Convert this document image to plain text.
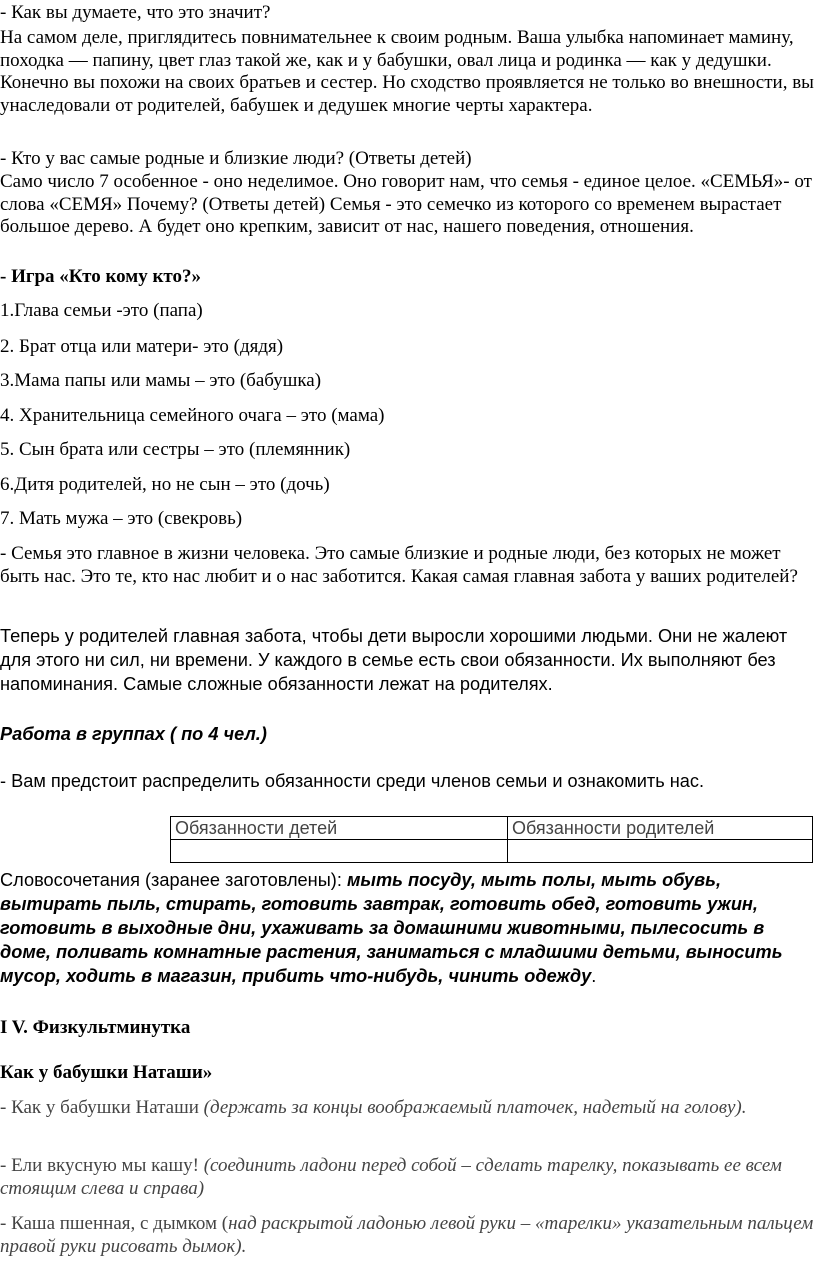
- Как вы думаете, что это значит?
На самом деле, приглядитесь повнимательнее к своим родным. Ваша улыбка напоминает мамину, походка — папину, цвет глаз такой же, как и у бабушки, овал лица и родинка — как у дедушки. Конечно вы похожи на своих братьев и сестер. Но сходство проявляется не только во внешности, вы унаследовали от родителей, бабушек и дедушек многие черты характера.
- Кто у вас самые родные и близкие люди? (Ответы детей)
Само число 7 особенное - оно неделимое. Оно говорит нам, что семья - единое целое. «СЕМЬЯ»- от слова «СЕМЯ» Почему? (Ответы детей) Семья - это семечко из которого со временем вырастает большое дерево. А будет оно крепким, зависит от нас, нашего поведения, отношения.
- Игра «Кто кому кто?»
1.Глава семьи -это (папа)
2. Брат отца или матери- это (дядя)
3.Мама папы или мамы – это (бабушка)
4. Хранительница семейного очага – это (мама)
5. Сын брата или сестры – это (племянник)
6.Дитя родителей, но не сын – это (дочь)
7. Мать мужа – это (свекровь)
- Семья это главное в жизни человека. Это самые близкие и родные люди, без которых не может быть нас. Это те, кто нас любит и о нас заботится. Какая самая главная забота у ваших родителей?
Теперь у родителей главная забота, чтобы дети выросли хорошими людьми. Они не жалеют для этого ни сил, ни времени. У каждого в семье есть свои обязанности. Их выполняют без напоминания. Самые сложные обязанности лежат на родителях.
Работа в группах ( по 4 чел.)
- Вам предстоит распределить обязанности среди членов семьи и ознакомить нас.
Обязанности детей	Обязанности родителей

Словосочетания (заранее заготовлены): мыть посуду, мыть полы, мыть обувь, вытирать пыль, стирать, готовить завтрак, готовить обед, готовить ужин, готовить в выходные дни, ухаживать за домашними животными, пылесосить в доме, поливать комнатные растения, заниматься с младшими детьми, выносить мусор, ходить в магазин, прибить что-нибудь, чинить одежду.
I V. Физкультминутка
Как у бабушки Наташи»
- Как у бабушки Наташи (держать за концы воображаемый платочек, надетый на голову).
- Ели вкусную мы кашу! (соединить ладони перед собой – сделать тарелку, показывать ее всем стоящим слева и справа)
- Каша пшенная, с дымком (над раскрытой ладонью левой руки – «тарелки» указательным пальцем правой руки рисовать дымок).
